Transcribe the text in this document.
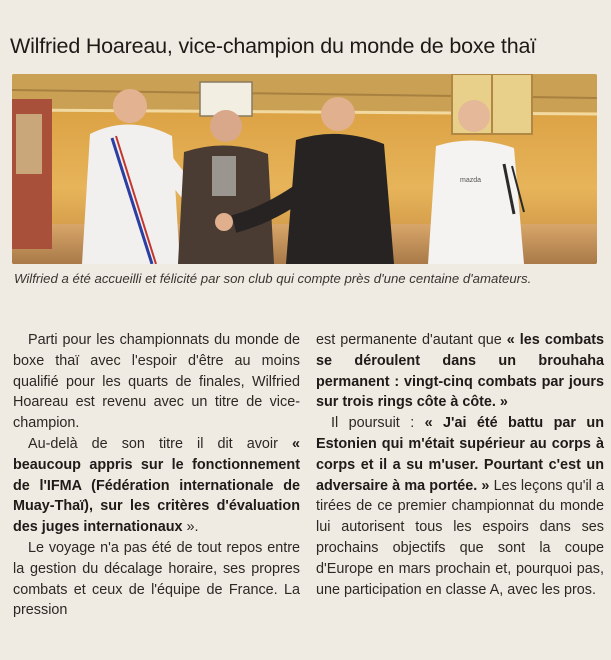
Wilfried Hoareau, vice-champion du monde de boxe thaï
mazda
Wilfried a été accueilli et félicité par son club qui compte près d'une centaine d'amateurs.

Parti pour les championnats du monde de boxe thaï avec l'espoir d'être au moins qualifié pour les quarts de finales, Wilfried Hoareau est revenu avec un titre de vice-champion.

Au-delà de son titre il dit avoir « beaucoup appris sur le fonctionnement de l'IFMA (Fédération internationale de Muay-Thaï), sur les critères d'évaluation des juges internationaux ».

Le voyage n'a pas été de tout repos entre la gestion du décalage horaire, ses propres combats et ceux de l'équipe de France. La pression

est permanente d'autant que « les combats se déroulent dans un brouhaha permanent : vingt-cinq combats par jours sur trois rings côte à côte. »

Il poursuit : « J'ai été battu par un Estonien qui m'était supérieur au corps à corps et il a su m'user. Pourtant c'est un adversaire à ma portée. » Les leçons qu'il a tirées de ce premier championnat du monde lui autorisent tous les espoirs dans ses prochains objectifs que sont la coupe d'Europe en mars prochain et, pourquoi pas, une participation en classe A, avec les pros.
